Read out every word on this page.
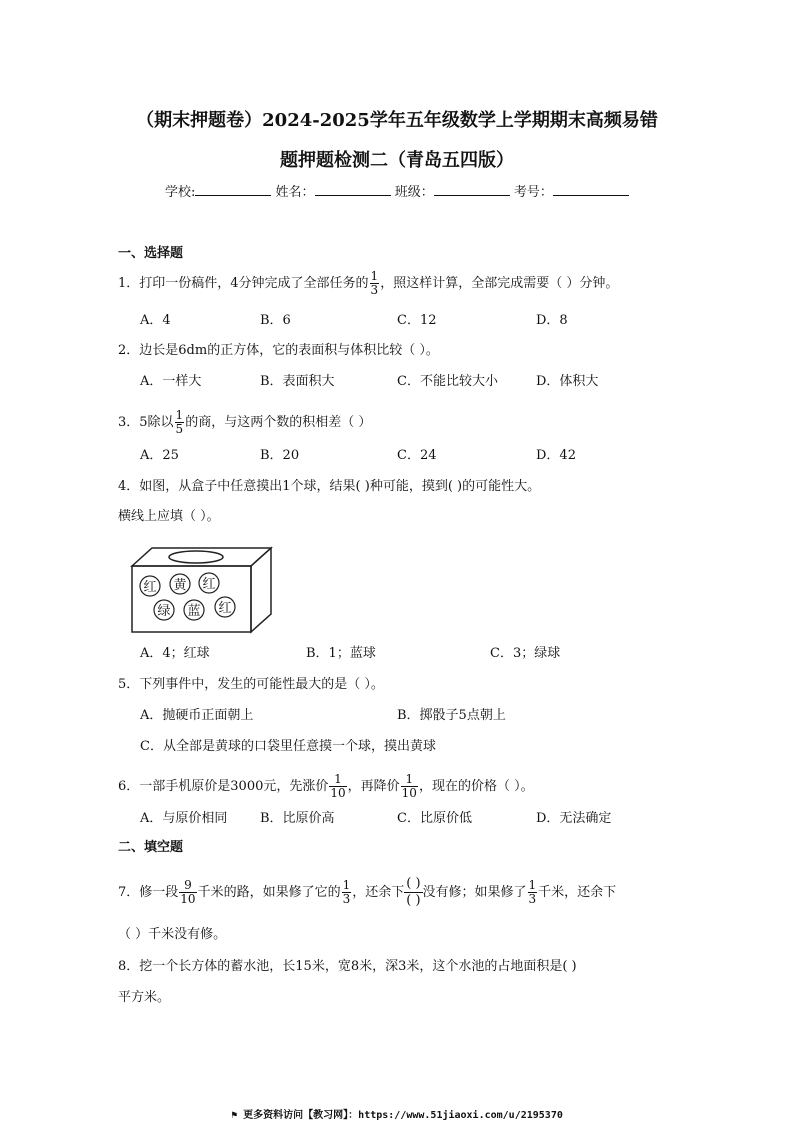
（期末押题卷）2024-2025学年五年级数学上学期期末高频易错
题押题检测二（青岛五四版）
学校:	姓名：	班级：	考号：
一、选择题
1．打印一份稿件，4分钟完成了全部任务的 $\frac{1}{3}$ ，照这样计算，全部完成需要（ ）分钟。
A．4	B．6	C．12	D．8
2．边长是6dm的正方体，它的表面积与体积比较（ ）。
A．一样大	B．表面积大	C．不能比较大小	D．体积大
3．5除以 $\frac{1}{5}$ 的商，与这两个数的积相差（ ）
A．25	B．20	C．24	D．42
4．如图，从盒子中任意摸出1个球，结果( )种可能，摸到( )的可能性大。
横线上应填（ ）。
红 黄 红
绿 蓝 红
A．4；红球	B．1；蓝球	C．3；绿球
5．下列事件中，发生的可能性最大的是（ ）。
A．抛硬币正面朝上	B．掷骰子5点朝上
C．从全部是黄球的口袋里任意摸一个球，摸出黄球
6．一部手机原价是3000元，先涨价 $\frac{1}{10}$ ，再降价 $\frac{1}{10}$ ，现在的价格（ ）。
A．与原价相同	B．比原价高	C．比原价低	D．无法确定
二、填空题
7．修一段 $\frac{9}{10}$ 千米的路，如果修了它的 $\frac{1}{3}$ ，还余下 $\frac{( )}{( )}$没有修；如果修了 $\frac{1}{3}$ 千米，还余下
（ ）千米没有修。
8．挖一个长方体的蓄水池，长15米，宽8米，深3米，这个水池的占地面积是( )
平方米。
⚑ 更多资料访问【教习网】：https://www.51jiaoxi.com/u/2195370
